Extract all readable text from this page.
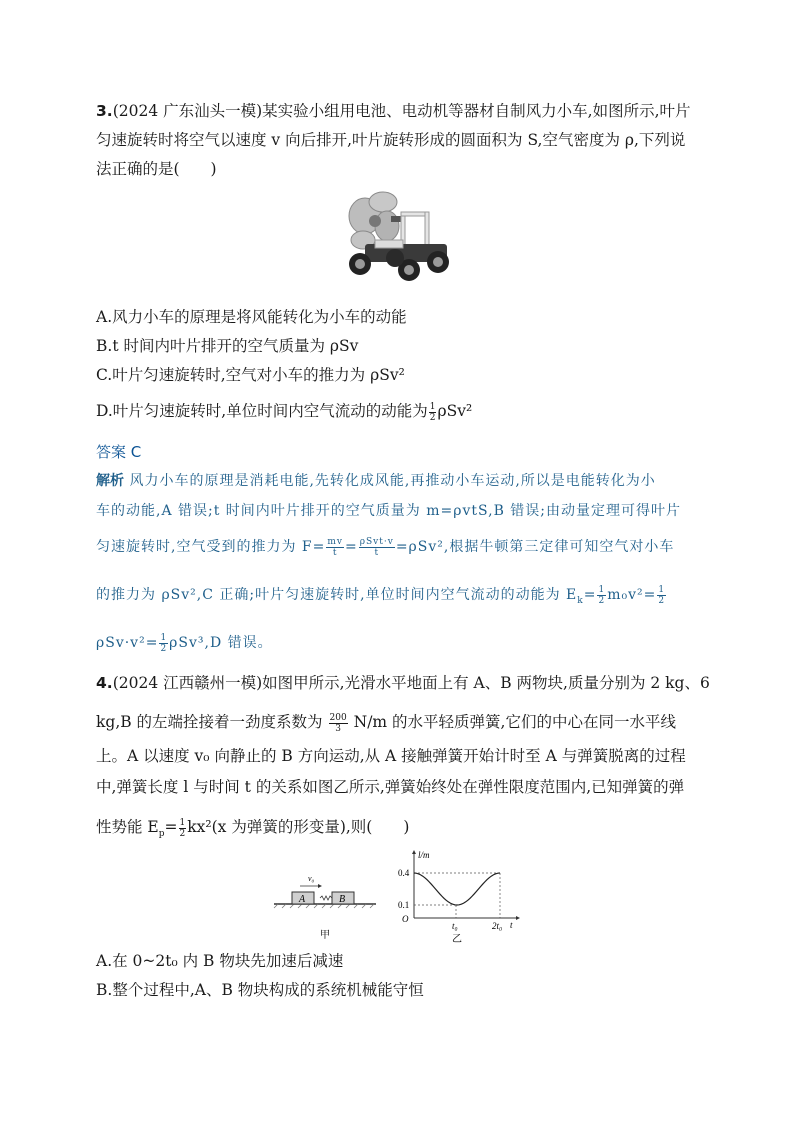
3.(2024 广东汕头一模)某实验小组用电池、电动机等器材自制风力小车,如图所示,叶片
匀速旋转时将空气以速度 v 向后排开,叶片旋转形成的圆面积为 S,空气密度为 ρ,下列说
法正确的是(　　)
A.风力小车的原理是将风能转化为小车的动能
B.t 时间内叶片排开的空气质量为 ρSv
C.叶片匀速旋转时,空气对小车的推力为 ρSv²
D.叶片匀速旋转时,单位时间内空气流动的动能为 $\frac{1}{2} \rho Sv^2$
答案 C
解析 风力小车的原理是消耗电能,先转化成风能,再推动小车运动,所以是电能转化为小
车的动能,A 错误;t 时间内叶片排开的空气质量为 m=ρvtS,B 错误;由动量定理可得叶片
匀速旋转时,空气受到的推力为 $F= \frac{mv}{t} = \frac{\text{ρSvt·v}}{t} =\rho Sv^2$,根据牛顿第三定律可知空气对小车
的推力为 ρSv²,C 正确;叶片匀速旋转时,单位时间内空气流动的动能为 $E_k= \frac{1}{2} m_0v^2= \frac{1}{2}$
$\rho Sv\cdot v^2= \frac{1}{2} \rho Sv^3,D$ 错误。
4.(2024 江西赣州一模)如图甲所示,光滑水平地面上有 A、B 两物块,质量分别为 2 kg、6
kg,B 的左端拴接着一劲度系数为 $\frac{200}{3} N/m$ 的水平轻质弹簧,它们的中心在同一水平线
上。A 以速度 v₀ 向静止的 B 方向运动,从 A 接触弹簧开始计时至 A 与弹簧脱离的过程
中,弹簧长度 l 与时间 t 的关系如图乙所示,弹簧始终处在弹性限度范围内,已知弹簧的弹
性势能 $E_p= \frac{1}{2} kx^2(x$ 为弹簧的形变量),则(　　)
A	B
v₀
甲
l/m
t
O
0.4
0.1
t₀	2t₀
乙
A.在 0~2t₀ 内 B 物块先加速后减速
B.整个过程中,A、B 物块构成的系统机械能守恒
